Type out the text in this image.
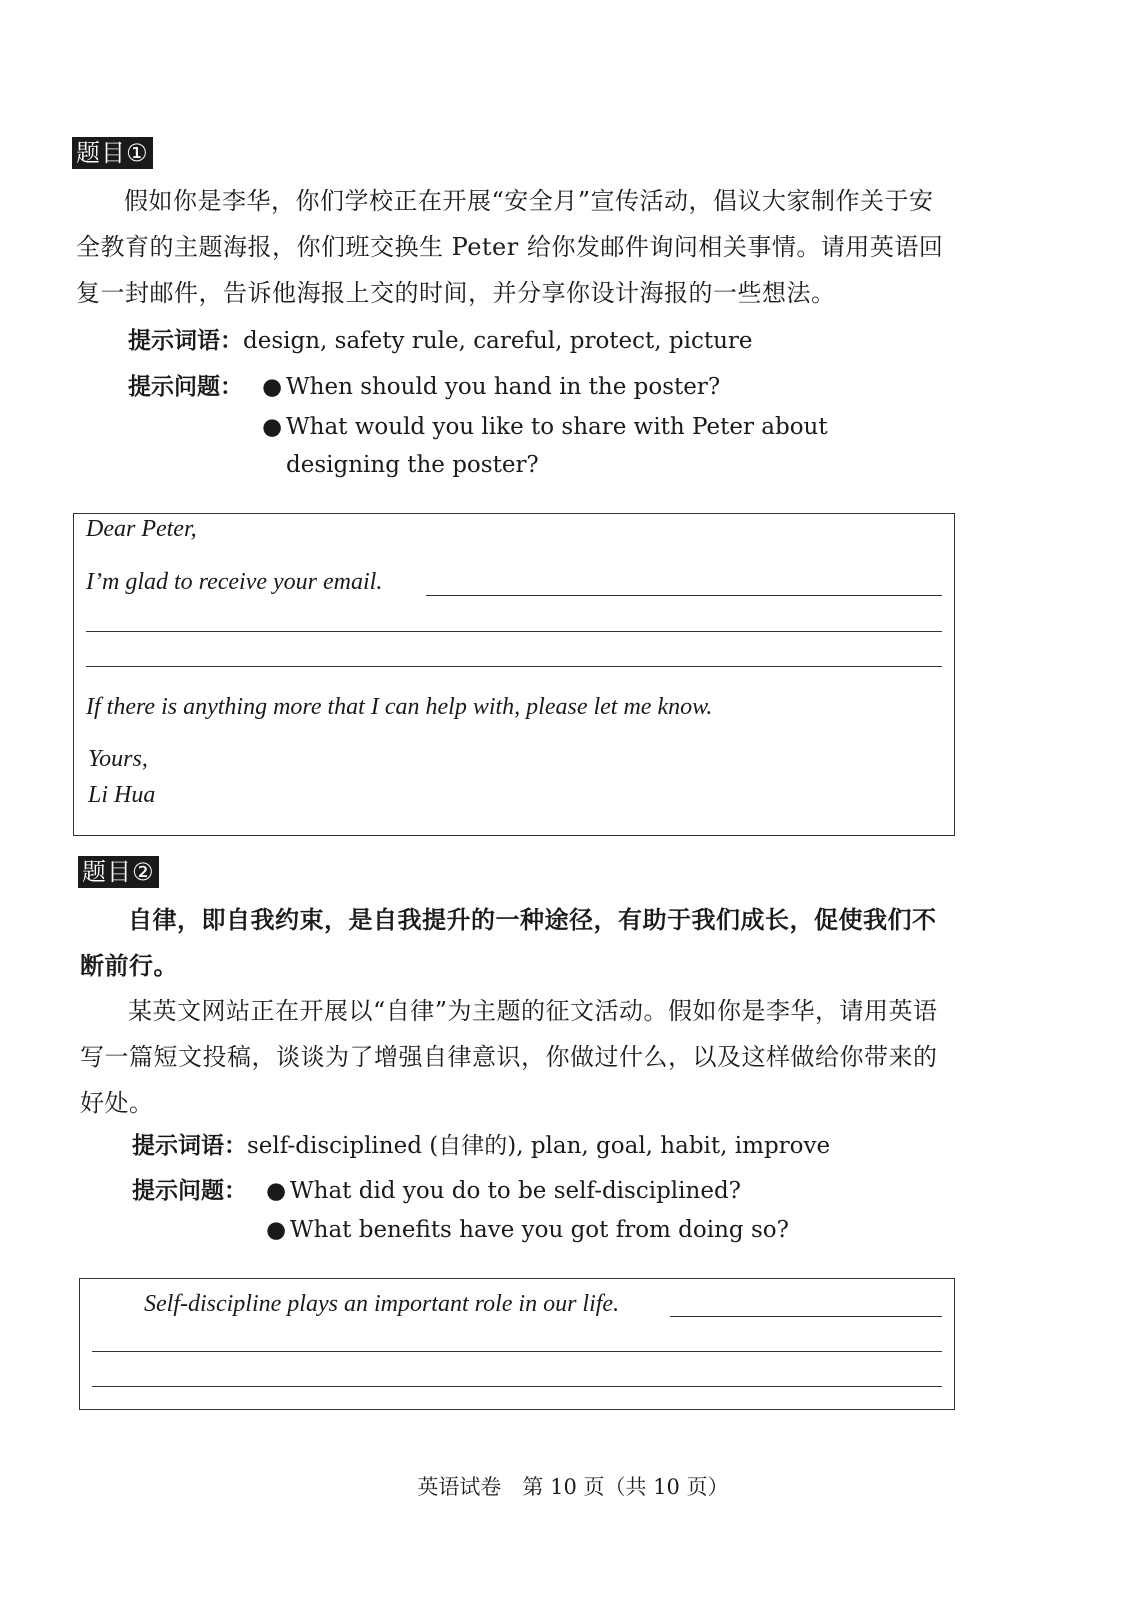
题目①

假如你是李华，你们学校正在开展“安全月”宣传活动，倡议大家制作关于安全教育的主题海报，你们班交换生 Peter 给你发邮件询问相关事情。请用英语回复一封邮件，告诉他海报上交的时间，并分享你设计海报的一些想法。

提示词语：design, safety rule, careful, protect, picture
提示问题： ● When should you hand in the poster?
● What would you like to share with Peter about designing the poster?
Dear Peter,
I’m glad to receive your email.
If there is anything more that I can help with, please let me know.
Yours,
Li Hua
题目②

自律，即自我约束，是自我提升的一种途径，有助于我们成长，促使我们不断前行。

某英文网站正在开展以“自律”为主题的征文活动。假如你是李华，请用英语写一篇短文投稿，谈谈为了增强自律意识，你做过什么，以及这样做给你带来的好处。

提示词语：self-disciplined (自律的), plan, goal, habit, improve
提示问题： ● What did you do to be self-disciplined?
● What benefits have you got from doing so?
Self-discipline plays an important role in our life.
英语试卷　第 10 页（共 10 页）
